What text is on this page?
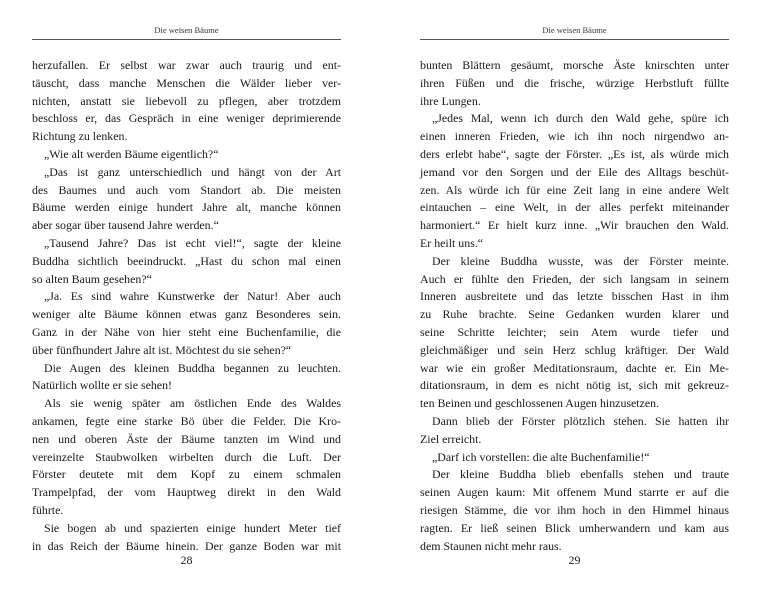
Die weisen Bäume
herzufallen. Er selbst war zwar auch traurig und ent-
täuscht, dass manche Menschen die Wälder lieber ver-
nichten, anstatt sie liebevoll zu pflegen, aber trotzdem
beschloss er, das Gespräch in eine weniger deprimierende
Richtung zu lenken.
„Wie alt werden Bäume eigentlich?“
„Das ist ganz unterschiedlich und hängt von der Art
des Baumes und auch vom Standort ab. Die meisten
Bäume werden einige hundert Jahre alt, manche können
aber sogar über tausend Jahre werden.“
„Tausend Jahre? Das ist echt viel!“, sagte der kleine
Buddha sichtlich beeindruckt. „Hast du schon mal einen
so alten Baum gesehen?“
„Ja. Es sind wahre Kunstwerke der Natur! Aber auch
weniger alte Bäume können etwas ganz Besonderes sein.
Ganz in der Nähe von hier steht eine Buchenfamilie, die
über fünfhundert Jahre alt ist. Möchtest du sie sehen?“
Die Augen des kleinen Buddha begannen zu leuchten.
Natürlich wollte er sie sehen!
Als sie wenig später am östlichen Ende des Waldes
ankamen, fegte eine starke Bö über die Felder. Die Kro-
nen und oberen Äste der Bäume tanzten im Wind und
vereinzelte Staubwolken wirbelten durch die Luft. Der
Förster deutete mit dem Kopf zu einem schmalen
Trampelpfad, der vom Hauptweg direkt in den Wald
führte.
Sie bogen ab und spazierten einige hundert Meter tief
in das Reich der Bäume hinein. Der ganze Boden war mit
28
Die weisen Bäume
bunten Blättern gesäumt, morsche Äste knirschten unter
ihren Füßen und die frische, würzige Herbstluft füllte
ihre Lungen.
„Jedes Mal, wenn ich durch den Wald gehe, spüre ich
einen inneren Frieden, wie ich ihn noch nirgendwo an-
ders erlebt habe“, sagte der Förster. „Es ist, als würde mich
jemand vor den Sorgen und der Eile des Alltags beschüt-
zen. Als würde ich für eine Zeit lang in eine andere Welt
eintauchen – eine Welt, in der alles perfekt miteinander
harmoniert.“ Er hielt kurz inne. „Wir brauchen den Wald.
Er heilt uns.“
Der kleine Buddha wusste, was der Förster meinte.
Auch er fühlte den Frieden, der sich langsam in seinem
Inneren ausbreitete und das letzte bisschen Hast in ihm
zu Ruhe brachte. Seine Gedanken wurden klarer und
seine Schritte leichter; sein Atem wurde tiefer und
gleichmäßiger und sein Herz schlug kräftiger. Der Wald
war wie ein großer Meditationsraum, dachte er. Ein Me-
ditationsraum, in dem es nicht nötig ist, sich mit gekreuz-
ten Beinen und geschlossenen Augen hinzusetzen.
Dann blieb der Förster plötzlich stehen. Sie hatten ihr
Ziel erreicht.
„Darf ich vorstellen: die alte Buchenfamilie!“
Der kleine Buddha blieb ebenfalls stehen und traute
seinen Augen kaum: Mit offenem Mund starrte er auf die
riesigen Stämme, die vor ihm hoch in den Himmel hinaus
ragten. Er ließ seinen Blick umherwandern und kam aus
dem Staunen nicht mehr raus.
29
